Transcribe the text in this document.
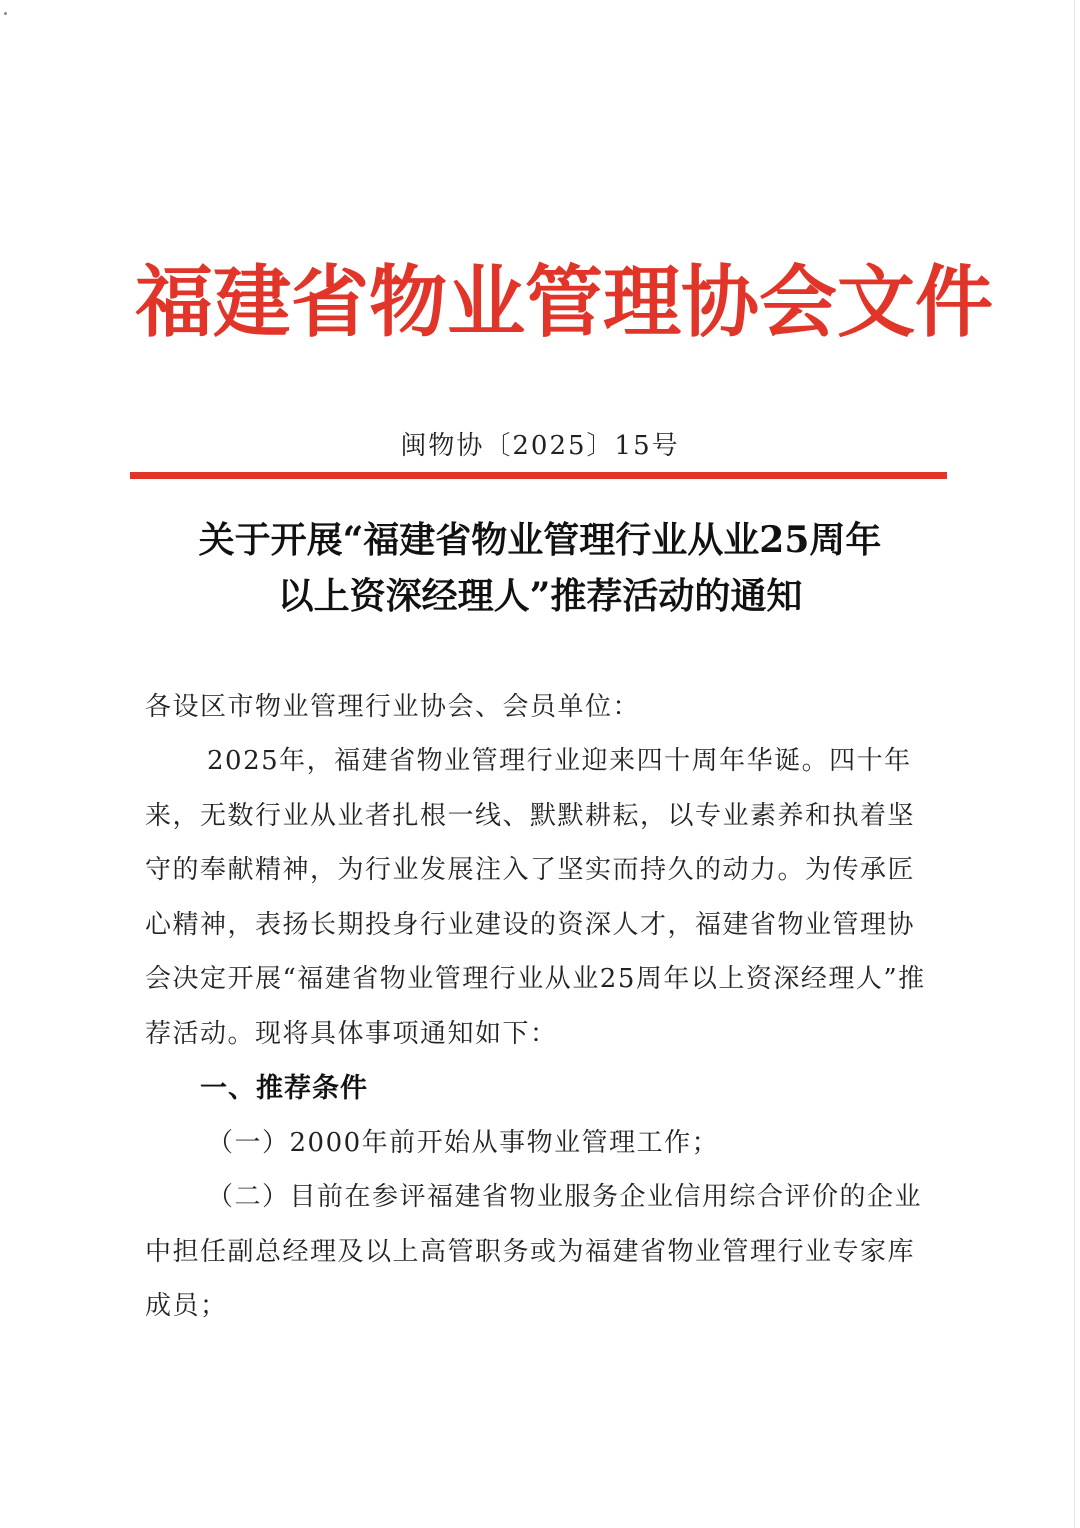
福建省物业管理协会文件
闽物协〔2025〕15号
关于开展“福建省物业管理行业从业25周年
以上资深经理人”推荐活动的通知
各设区市物业管理行业协会、会员单位：
2025年，福建省物业管理行业迎来四十周年华诞。四十年来，无数行业从业者扎根一线、默默耕耘，以专业素养和执着坚守的奉献精神，为行业发展注入了坚实而持久的动力。为传承匠心精神，表扬长期投身行业建设的资深人才，福建省物业管理协会决定开展“福建省物业管理行业从业25周年以上资深经理人”推荐活动。现将具体事项通知如下：
一、推荐条件
（一）2000年前开始从事物业管理工作；
（二）目前在参评福建省物业服务企业信用综合评价的企业中担任副总经理及以上高管职务或为福建省物业管理行业专家库成员；
